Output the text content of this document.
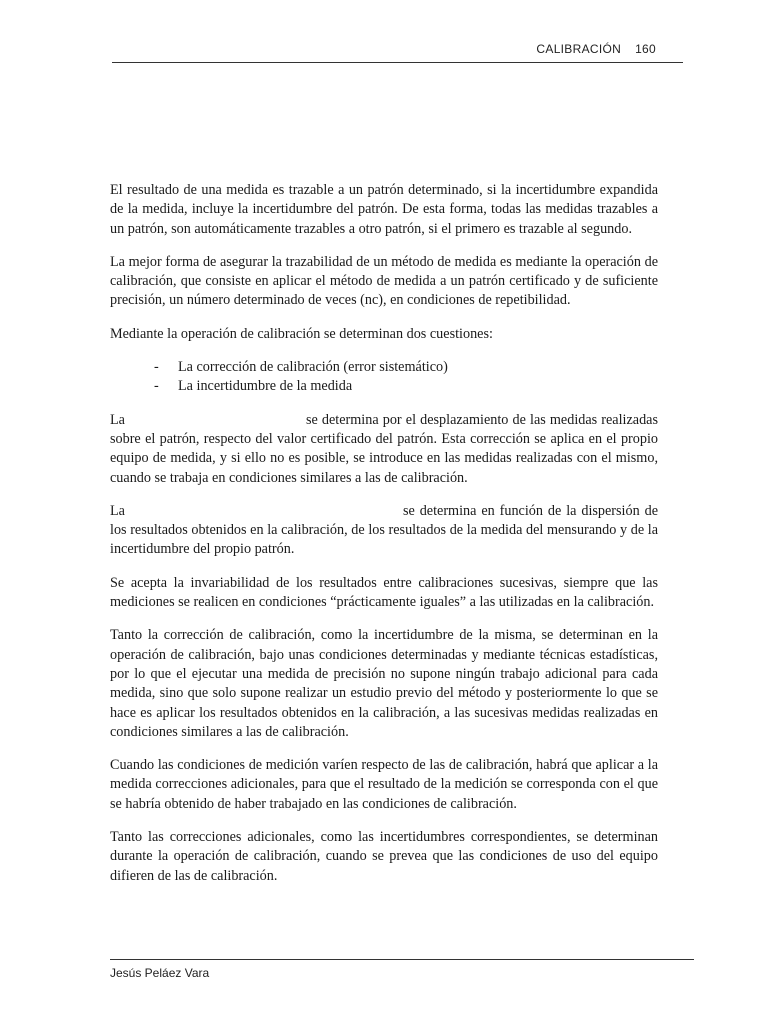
CALIBRACIÓN 160

El resultado de una medida es trazable a un patrón determinado, si la incertidumbre expandida de la medida, incluye la incertidumbre del patrón. De esta forma, todas las medidas trazables a un patrón, son automáticamente trazables a otro patrón, si el primero es trazable al segundo.

La mejor forma de asegurar la trazabilidad de un método de medida es mediante la operación de calibración, que consiste en aplicar el método de medida a un patrón certificado y de suficiente precisión, un número determinado de veces (nc), en condiciones de repetibilidad.

Mediante la operación de calibración se determinan dos cuestiones:

-	La corrección de calibración (error sistemático)
-	La incertidumbre de la medida

La	se determina por el desplazamiento de las medidas realizadas sobre el patrón, respecto del valor certificado del patrón. Esta corrección se aplica en el propio equipo de medida, y si ello no es posible, se introduce en las medidas realizadas con el mismo, cuando se trabaja en condiciones similares a las de calibración.

La	se determina en función de la dispersión de los resultados obtenidos en la calibración, de los resultados de la medida del mensurando y de la incertidumbre del propio patrón.

Se acepta la invariabilidad de los resultados entre calibraciones sucesivas, siempre que las mediciones se realicen en condiciones “prácticamente iguales” a las utilizadas en la calibración.

Tanto la corrección de calibración, como la incertidumbre de la misma, se determinan en la operación de calibración, bajo unas condiciones determinadas y mediante técnicas estadísticas, por lo que el ejecutar una medida de precisión no supone ningún trabajo adicional para cada medida, sino que solo supone realizar un estudio previo del método y posteriormente lo que se hace es aplicar los resultados obtenidos en la calibración, a las sucesivas medidas realizadas en condiciones similares a las de calibración.

Cuando las condiciones de medición varíen respecto de las de calibración, habrá que aplicar a la medida correcciones adicionales, para que el resultado de la medición se corresponda con el que se habría obtenido de haber trabajado en las condiciones de calibración.

Tanto las correcciones adicionales, como las incertidumbres correspondientes, se determinan durante la operación de calibración, cuando se prevea que las condiciones de uso del equipo difieren de las de calibración.

Jesús Peláez Vara
